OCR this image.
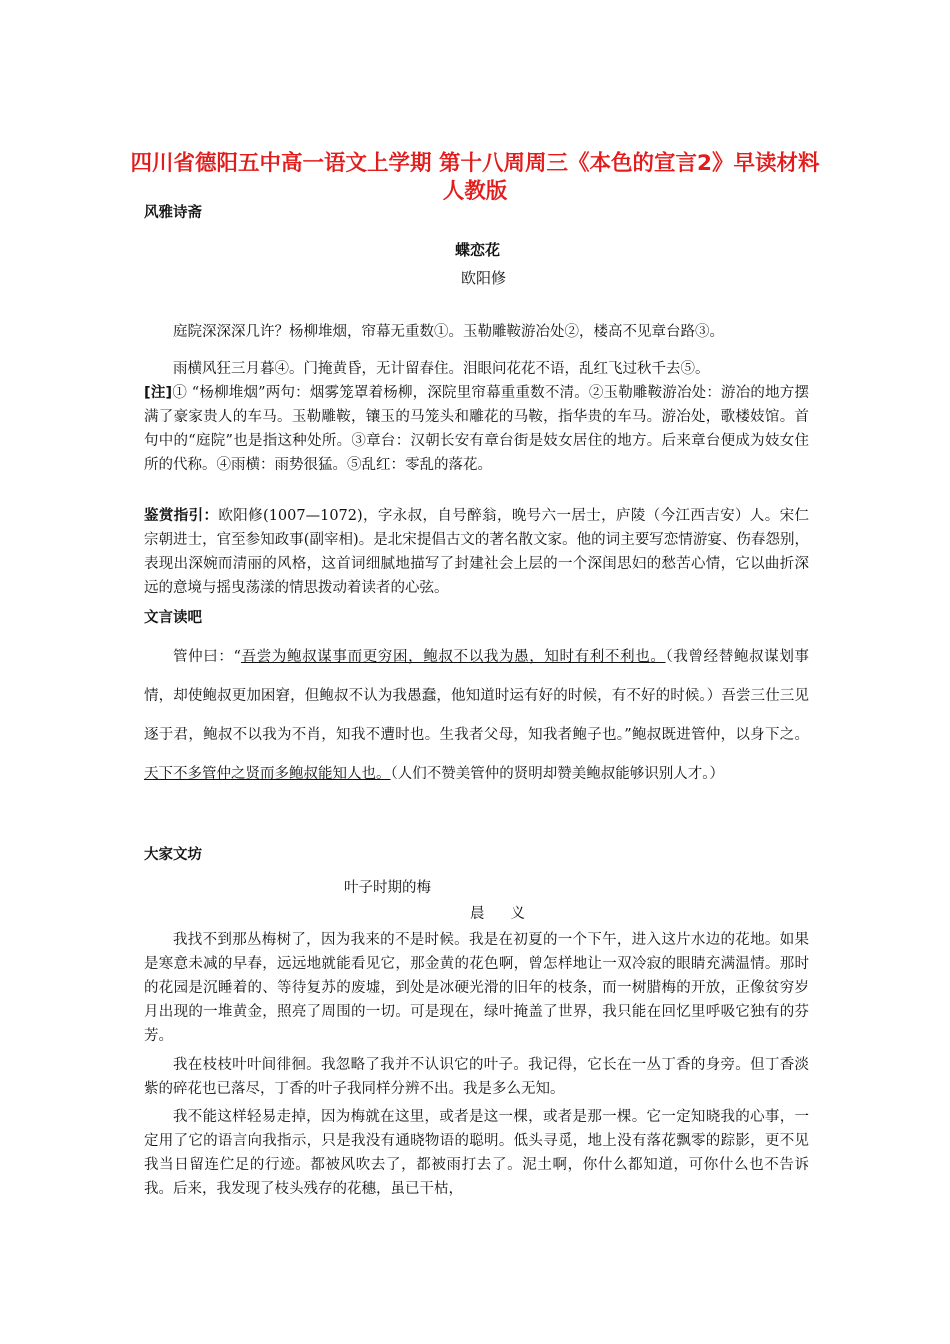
四川省德阳五中高一语文上学期 第十八周周三《本色的宣言2》早读材料 人教版
风雅诗斋
蝶恋花
欧阳修

庭院深深深几许？杨柳堆烟，帘幕无重数①。玉勒雕鞍游冶处②，楼高不见章台路③。

雨横风狂三月暮④。门掩黄昏，无计留春住。泪眼问花花不语，乱红飞过秋千去⑤。

[注]① “杨柳堆烟”两句：烟雾笼罩着杨柳，深院里帘幕重重数不清。②玉勒雕鞍游冶处：游冶的地方摆满了豪家贵人的车马。玉勒雕鞍，镶玉的马笼头和雕花的马鞍，指华贵的车马。游冶处，歌楼妓馆。首句中的“庭院”也是指这种处所。③章台：汉朝长安有章台街是妓女居住的地方。后来章台便成为妓女住所的代称。④雨横：雨势很猛。⑤乱红：零乱的落花。

鉴赏指引：欧阳修(1007—1072)，字永叔，自号醉翁，晚号六一居士，庐陵（今江西吉安）人。宋仁宗朝进士，官至参知政事(副宰相)。是北宋提倡古文的著名散文家。他的词主要写恋情游宴、伤春怨别，表现出深婉而清丽的风格，这首词细腻地描写了封建社会上层的一个深闺思妇的愁苦心情，它以曲折深远的意境与摇曳荡漾的情思拨动着读者的心弦。

文言读吧

管仲曰：“吾尝为鲍叔谋事而更穷困，鲍叔不以我为愚，知时有利不利也。（我曾经替鲍叔谋划事情，却使鲍叔更加困窘，但鲍叔不认为我愚蠢，他知道时运有好的时候，有不好的时候。）吾尝三仕三见逐于君，鲍叔不以我为不肖，知我不遭时也。生我者父母，知我者鲍子也。”鲍叔既进管仲，以身下之。天下不多管仲之贤而多鲍叔能知人也。（人们不赞美管仲的贤明却赞美鲍叔能够识别人才。）

大家文坊
叶子时期的梅
晨义

我找不到那丛梅树了，因为我来的不是时候。我是在初夏的一个下午，进入这片水边的花地。如果是寒意未减的早春，远远地就能看见它，那金黄的花色啊，曾怎样地让一双冷寂的眼睛充满温情。那时的花园是沉睡着的、等待复苏的废墟，到处是冰硬光滑的旧年的枝条，而一树腊梅的开放，正像贫穷岁月出现的一堆黄金，照亮了周围的一切。可是现在，绿叶掩盖了世界，我只能在回忆里呼吸它独有的芬芳。

我在枝枝叶叶间徘徊。我忽略了我并不认识它的叶子。我记得，它长在一丛丁香的身旁。但丁香淡紫的碎花也已落尽，丁香的叶子我同样分辨不出。我是多么无知。

我不能这样轻易走掉，因为梅就在这里，或者是这一棵，或者是那一棵。它一定知晓我的心事，一定用了它的语言向我指示，只是我没有通晓物语的聪明。低头寻觅，地上没有落花飘零的踪影，更不见我当日留连伫足的行迹。都被风吹去了，都被雨打去了。泥土啊，你什么都知道，可你什么也不告诉我。后来，我发现了枝头残存的花穗，虽已干枯，
